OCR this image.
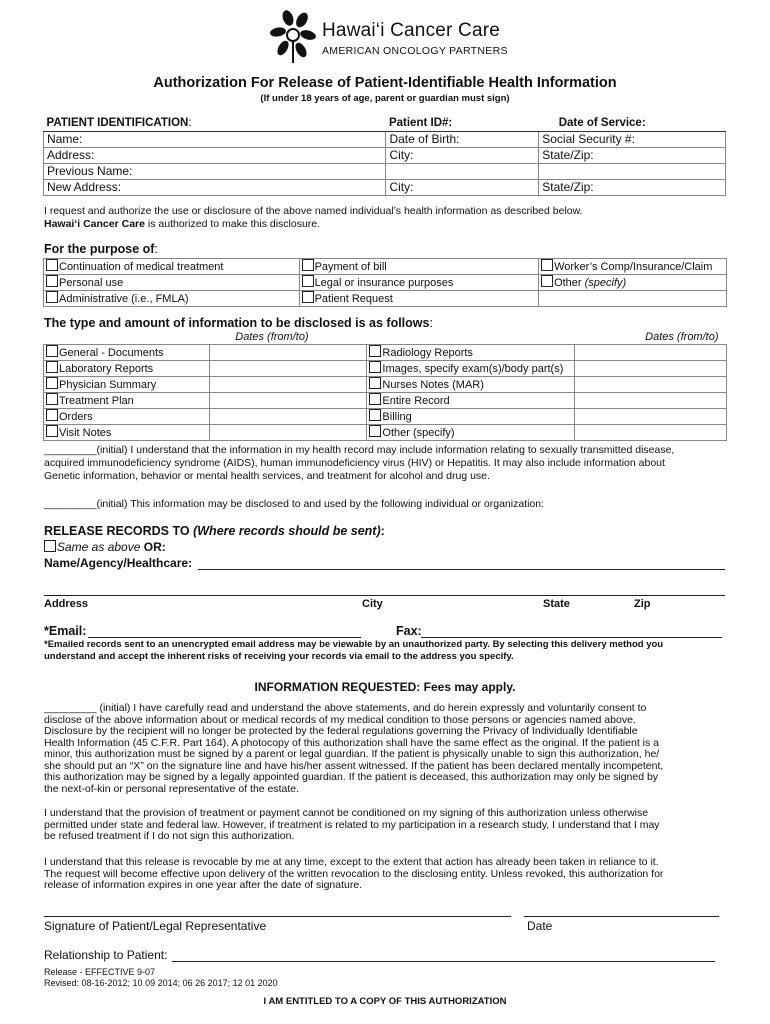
Hawai‘i Cancer Care
AMERICAN ONCOLOGY PARTNERS
Authorization For Release of Patient-Identifiable Health Information
(If under 18 years of age, parent or guardian must sign)
PATIENT IDENTIFICATION:	Patient ID#:	Date of Service:
Name:	Date of Birth:	Social Security #:
Address:	City:	State/Zip:
Previous Name:		
New Address:	City:	State/Zip:
I request and authorize the use or disclosure of the above named individual’s health information as described below.
Hawai‘i Cancer Care is authorized to make this disclosure.
For the purpose of:
Continuation of medical treatment	Payment of bill	Worker’s Comp/Insurance/Claim
Personal use	Legal or insurance purposes	Other (specify)
Administrative (i.e., FMLA)	Patient Request	
The type and amount of information to be disclosed is as follows:
	Dates (from/to)		Dates (from/to)
General - Documents		Radiology Reports	
Laboratory Reports		Images, specify exam(s)/body part(s)	
Physician Summary		Nurses Notes (MAR)	
Treatment Plan		Entire Record	
Orders		Billing	
Visit Notes		Other (specify)	
_________(initial) I understand that the information in my health record may include information relating to sexually transmitted disease,
acquired immunodeficiency syndrome (AIDS), human immunodeficiency virus (HIV) or Hepatitis. It may also include information about
Genetic information, behavior or mental health services, and treatment for alcohol and drug use.
_________(initial) This information may be disclosed to and used by the following individual or organization:
RELEASE RECORDS TO (Where records should be sent):
Same as above OR:
Name/Agency/Healthcare:
Address	City	State	Zip
*Email:	Fax:
*Emailed records sent to an unencrypted email address may be viewable by an unauthorized party. By selecting this delivery method you
understand and accept the inherent risks of receiving your records via email to the address you specify.
INFORMATION REQUESTED: Fees may apply.
_________ (initial) I have carefully read and understand the above statements, and do herein expressly and voluntarily consent to
disclose of the above information about or medical records of my medical condition to those persons or agencies named above.
Disclosure by the recipient will no longer be protected by the federal regulations governing the Privacy of Individually Identifiable
Health Information (45 C.F.R. Part 164). A photocopy of this authorization shall have the same effect as the original. If the patient is a
minor, this authorization must be signed by a parent or legal guardian. If the patient is physically unable to sign this authorization, he/
she should put an “X” on the signature line and have his/her assent witnessed. If the patient has been declared mentally incompetent,
this authorization may be signed by a legally appointed guardian. If the patient is deceased, this authorization may only be signed by
the next-of-kin or personal representative of the estate.
I understand that the provision of treatment or payment cannot be conditioned on my signing of this authorization unless otherwise
permitted under state and federal law. However, if treatment is related to my participation in a research study, I understand that I may
be refused treatment if I do not sign this authorization.
I understand that this release is revocable by me at any time, except to the extent that action has already been taken in reliance to it.
The request will become effective upon delivery of the written revocation to the disclosing entity. Unless revoked, this authorization for
release of information expires in one year after the date of signature.
Signature of Patient/Legal Representative	Date
Relationship to Patient:
Release - EFFECTIVE 9-07
Revised: 08-16-2012; 10 09 2014; 06 26 2017; 12 01 2020
I AM ENTITLED TO A COPY OF THIS AUTHORIZATION
